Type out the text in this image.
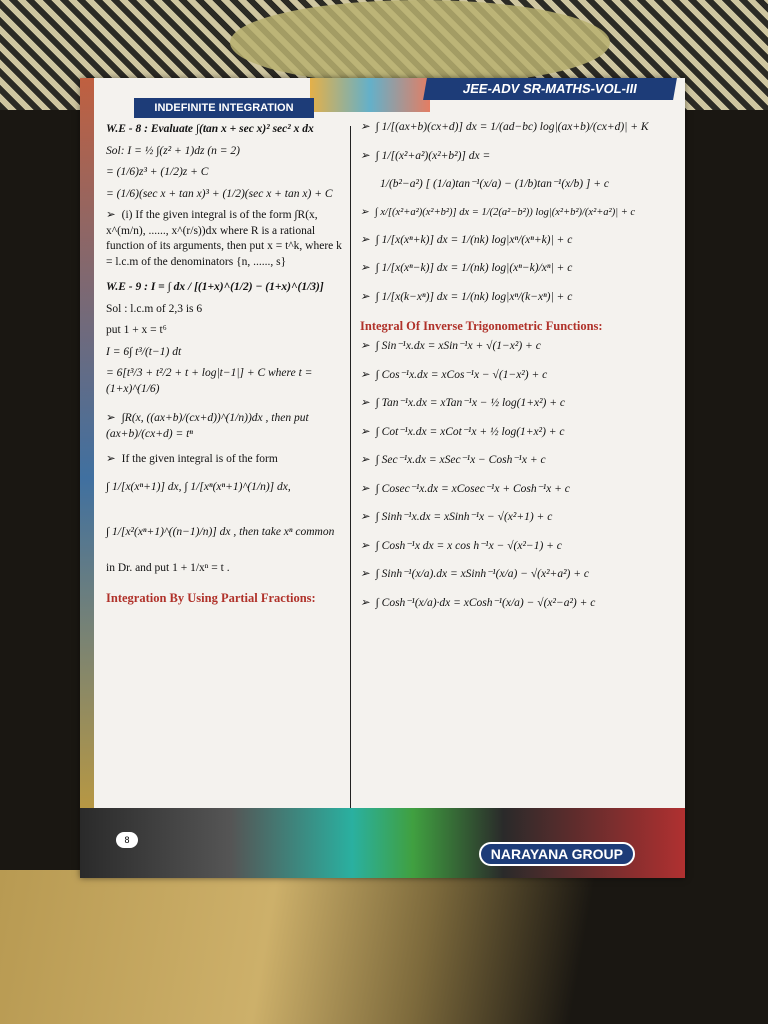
JEE-ADV SR-MATHS-VOL-III
INDEFINITE INTEGRATION
W.E - 8 : Evaluate ∫(tan x + sec x)² sec² x dx
Sol: I = ½ ∫(z² + 1)dz (n = 2)
= (1/6)z³ + (1/2)z + C
= (1/6)(sec x + tan x)³ + (1/2)(sec x + tan x) + C
➢ (i) If the given integral is of the form ∫R(x, x^(m/n), ......, x^(r/s))dx where R is a rational function of its arguments, then put x = t^k, where k = l.c.m of the denominators {n, ......, s}
W.E - 9 : I = ∫ dx / [(1+x)^(1/2) − (1+x)^(1/3)]
Sol : l.c.m of 2,3 is 6
put 1 + x = t⁶
I = 6∫ t³/(t−1) dt
= 6[t³/3 + t²/2 + t + log|t−1|] + C where t = (1+x)^(1/6)
➢ ∫R(x, ((ax+b)/(cx+d))^(1/n))dx , then put (ax+b)/(cx+d) = tⁿ
➢ If the given integral is of the form
∫ 1/[x(xⁿ+1)] dx, ∫ 1/[xⁿ(xⁿ+1)^(1/n)] dx,
∫ 1/[x²(xⁿ+1)^((n−1)/n)] dx , then take xⁿ common
in Dr. and put 1 + 1/xⁿ = t .
Integration By Using Partial Fractions:
➢ ∫ 1/[(ax+b)(cx+d)] dx = 1/(ad−bc) log|(ax+b)/(cx+d)| + K
➢ ∫ 1/[(x²+a²)(x²+b²)] dx =
1/(b²−a²) [ (1/a)tan⁻¹(x/a) − (1/b)tan⁻¹(x/b) ] + c
➢ ∫ x/[(x²+a²)(x²+b²)] dx = 1/(2(a²−b²)) log|(x²+b²)/(x²+a²)| + c
➢ ∫ 1/[x(xⁿ+k)] dx = 1/(nk) log|xⁿ/(xⁿ+k)| + c
➢ ∫ 1/[x(xⁿ−k)] dx = 1/(nk) log|(xⁿ−k)/xⁿ| + c
➢ ∫ 1/[x(k−xⁿ)] dx = 1/(nk) log|xⁿ/(k−xⁿ)| + c
Integral Of Inverse Trigonometric Functions:
➢ ∫ Sin⁻¹x.dx = xSin⁻¹x + √(1−x²) + c
➢ ∫ Cos⁻¹x.dx = xCos⁻¹x − √(1−x²) + c
➢ ∫ Tan⁻¹x.dx = xTan⁻¹x − ½ log(1+x²) + c
➢ ∫ Cot⁻¹x.dx = xCot⁻¹x + ½ log(1+x²) + c
➢ ∫ Sec⁻¹x.dx = xSec⁻¹x − Cosh⁻¹x + c
➢ ∫ Cosec⁻¹x.dx = xCosec⁻¹x + Cosh⁻¹x + c
➢ ∫ Sinh⁻¹x.dx = xSinh⁻¹x − √(x²+1) + c
➢ ∫ Cosh⁻¹x dx = x cos h⁻¹x − √(x²−1) + c
➢ ∫ Sinh⁻¹(x/a).dx = xSinh⁻¹(x/a) − √(x²+a²) + c
➢ ∫ Cosh⁻¹(x/a)·dx = xCosh⁻¹(x/a) − √(x²−a²) + c
8
NARAYANA GROUP
